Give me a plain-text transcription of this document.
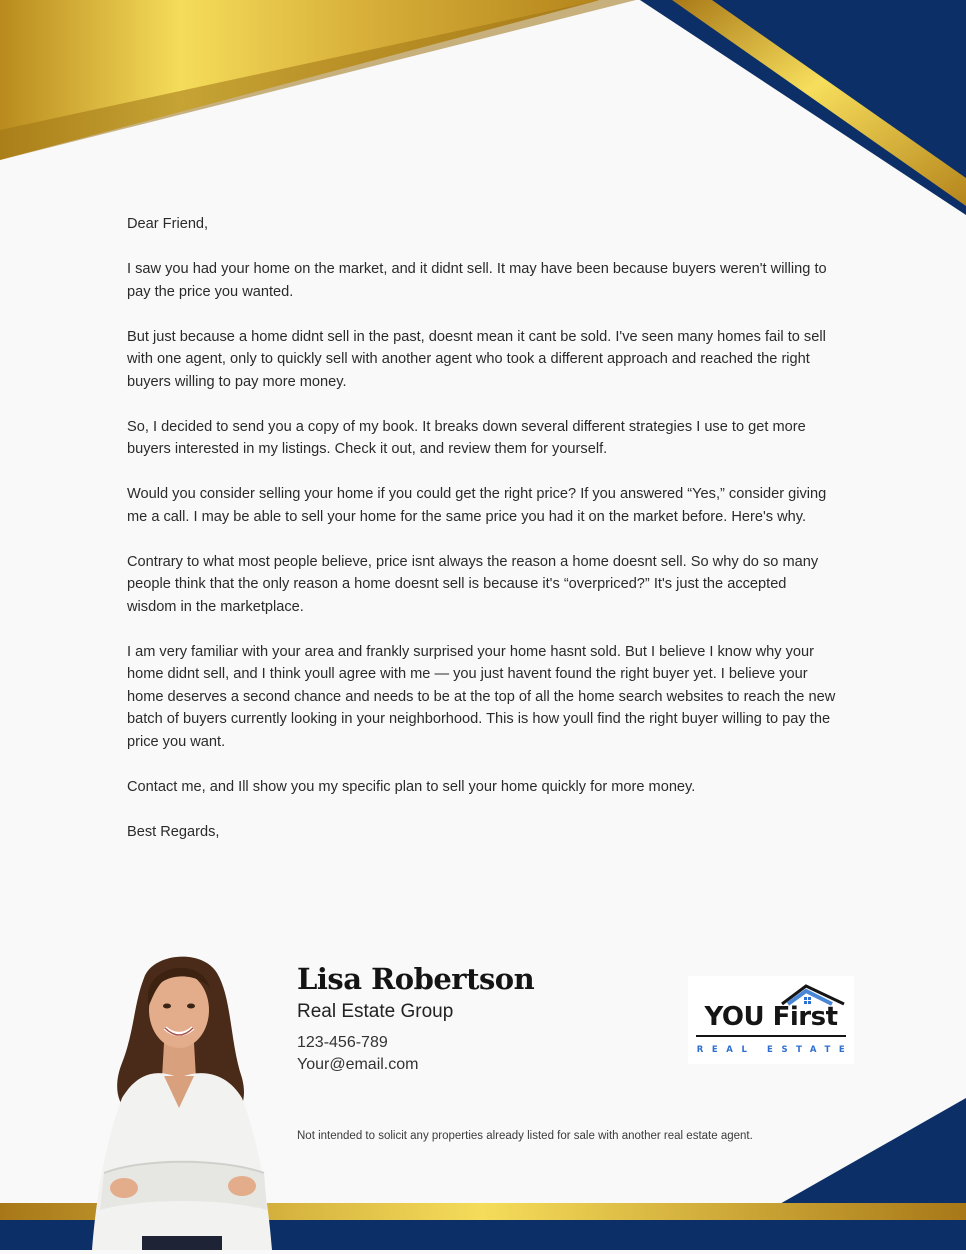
Dear Friend,

I saw you had your home on the market, and it didnt sell. It may have been because buyers weren't willing to pay the price you wanted.

But just because a home didnt sell in the past, doesnt mean it cant be sold. I've seen many homes fail to sell with one agent, only to quickly sell with another agent who took a different approach and reached the right buyers willing to pay more money.

So, I decided to send you a copy of my book. It breaks down several different strategies I use to get more buyers interested in my listings. Check it out, and review them for yourself.

Would you consider selling your home if you could get the right price? If you answered “Yes,” consider giving me a call. I may be able to sell your home for the same price you had it on the market before. Here's why.

Contrary to what most people believe, price isnt always the reason a home doesnt sell. So why do so many people think that the only reason a home doesnt sell is because it's “overpriced?” It's just the accepted wisdom in the marketplace.

I am very familiar with your area and frankly surprised your home hasnt sold. But I believe I know why your home didnt sell, and I think youll agree with me — you just havent found the right buyer yet. I believe your home deserves a second chance and needs to be at the top of all the home search websites to reach the new batch of buyers currently looking in your neighborhood. This is how youll find the right buyer willing to pay the price you want.

Contact me, and Ill show you my specific plan to sell your home quickly for more money.

Best Regards,

Lisa Robertson
Real Estate Group
123-456-789
Your@email.com
YOU First
REAL ESTATE
Not intended to solicit any properties already listed for sale with another real estate agent.
